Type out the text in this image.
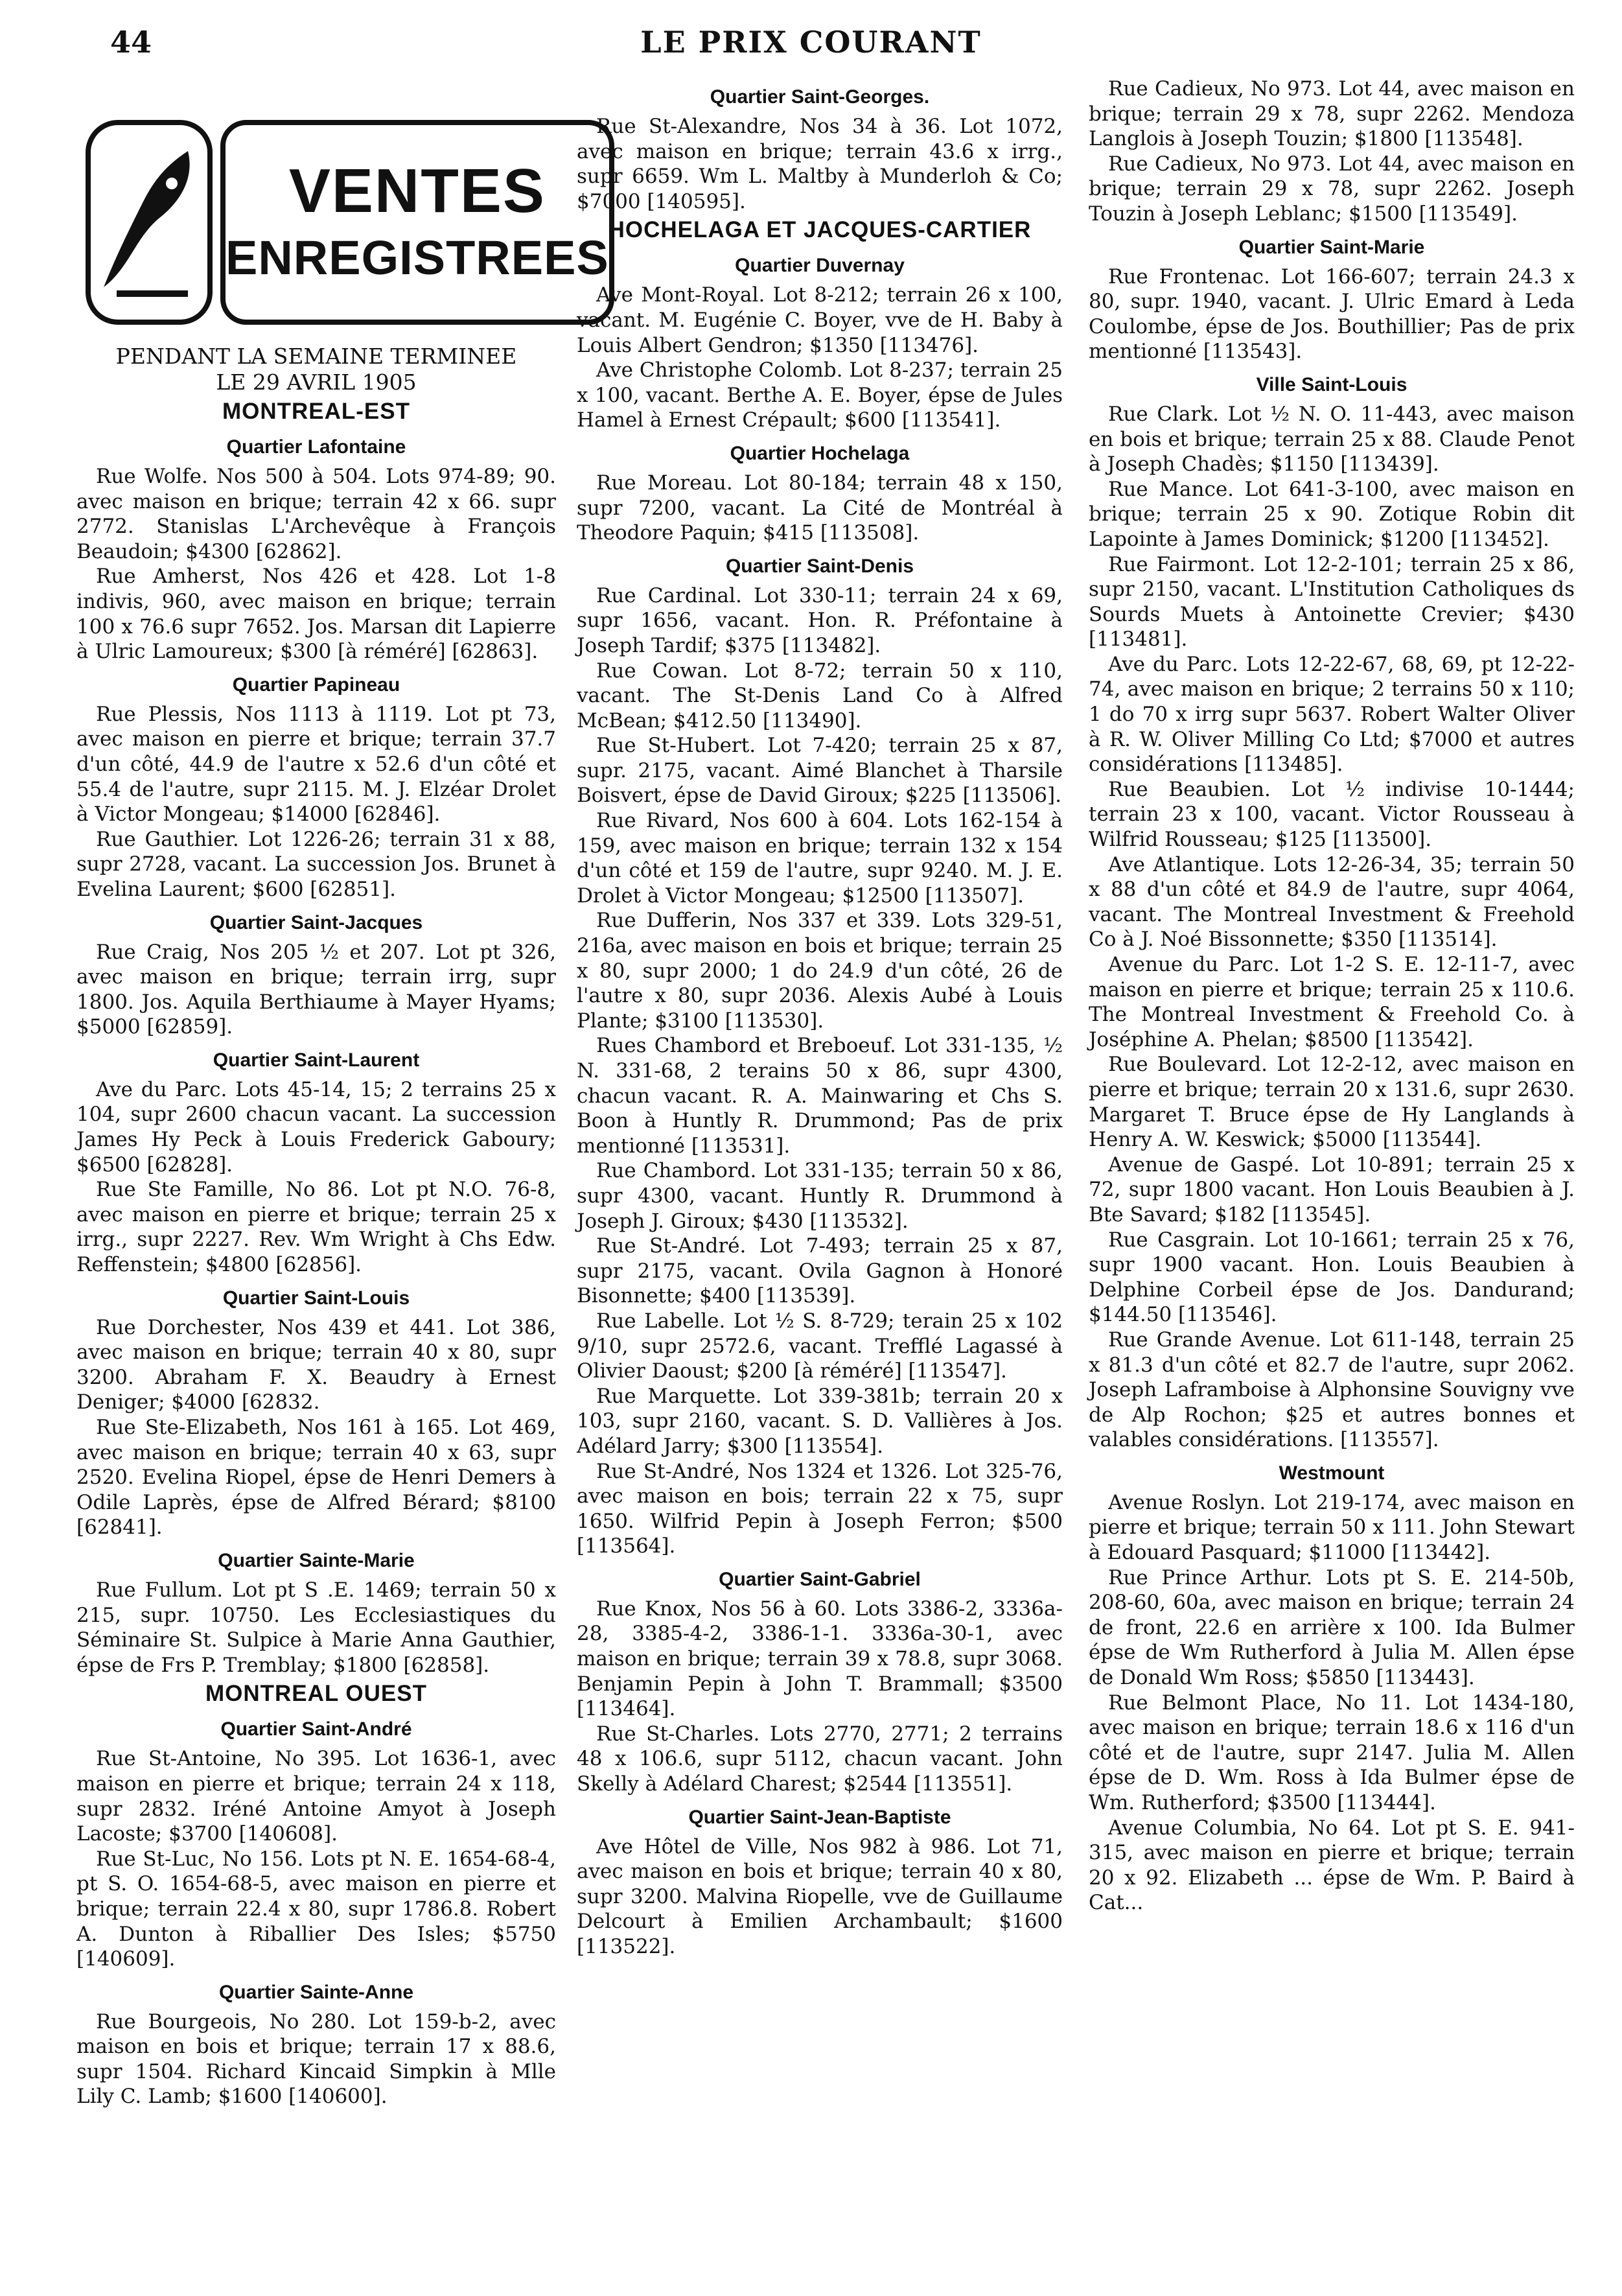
44	LE PRIX COURANT
VENTES
ENREGISTREES

PENDANT LA SEMAINE TERMINEE

LE 29 AVRIL 1905

MONTREAL-EST
Quartier Lafontaine

Rue Wolfe. Nos 500 à 504. Lots 974-89; 90. avec maison en brique; terrain 42 x 66. supr 2772. Stanislas L'Archevêque à François Beaudoin; $4300 [62862].

Rue Amherst, Nos 426 et 428. Lot 1-8 indivis, 960, avec maison en brique; terrain 100 x 76.6 supr 7652. Jos. Marsan dit Lapierre à Ulric Lamoureux; $300 [à réméré] [62863].

Quartier Papineau

Rue Plessis, Nos 1113 à 1119. Lot pt 73, avec maison en pierre et brique; terrain 37.7 d'un côté, 44.9 de l'autre x 52.6 d'un côté et 55.4 de l'autre, supr 2115. M. J. Elzéar Drolet à Victor Mongeau; $14000 [62846].

Rue Gauthier. Lot 1226-26; terrain 31 x 88, supr 2728, vacant. La succession Jos. Brunet à Evelina Laurent; $600 [62851].

Quartier Saint-Jacques

Rue Craig, Nos 205 ½ et 207. Lot pt 326, avec maison en brique; terrain irrg, supr 1800. Jos. Aquila Berthiaume à Mayer Hyams; $5000 [62859].

Quartier Saint-Laurent

Ave du Parc. Lots 45-14, 15; 2 terrains 25 x 104, supr 2600 chacun vacant. La succession James Hy Peck à Louis Frederick Gaboury; $6500 [62828].

Rue Ste Famille, No 86. Lot pt N.O. 76-8, avec maison en pierre et brique; terrain 25 x irrg., supr 2227. Rev. Wm Wright à Chs Edw. Reffenstein; $4800 [62856].

Quartier Saint-Louis

Rue Dorchester, Nos 439 et 441. Lot 386, avec maison en brique; terrain 40 x 80, supr 3200. Abraham F. X. Beaudry à Ernest Deniger; $4000 [62832.

Rue Ste-Elizabeth, Nos 161 à 165. Lot 469, avec maison en brique; terrain 40 x 63, supr 2520. Evelina Riopel, épse de Henri Demers à Odile Laprès, épse de Alfred Bérard; $8100 [62841].

Quartier Sainte-Marie

Rue Fullum. Lot pt S .E. 1469; terrain 50 x 215, supr. 10750. Les Ecclesiastiques du Séminaire St. Sulpice à Marie Anna Gauthier, épse de Frs P. Tremblay; $1800 [62858].

MONTREAL OUEST
Quartier Saint-André

Rue St-Antoine, No 395. Lot 1636-1, avec maison en pierre et brique; terrain 24 x 118, supr 2832. Iréné Antoine Amyot à Joseph Lacoste; $3700 [140608].

Rue St-Luc, No 156. Lots pt N. E. 1654-68-4, pt S. O. 1654-68-5, avec maison en pierre et brique; terrain 22.4 x 80, supr 1786.8. Robert A. Dunton à Riballier Des Isles; $5750 [140609].

Quartier Sainte-Anne

Rue Bourgeois, No 280. Lot 159-b-2, avec maison en bois et brique; terrain 17 x 88.6, supr 1504. Richard Kincaid Simpkin à Mlle Lily C. Lamb; $1600 [140600].

Quartier Saint-Georges.

Rue St-Alexandre, Nos 34 à 36. Lot 1072, avec maison en brique; terrain 43.6 x irrg., supr 6659. Wm L. Maltby à Munderloh & Co; $7000 [140595].

HOCHELAGA ET JACQUES-CARTIER
Quartier Duvernay

Ave Mont-Royal. Lot 8-212; terrain 26 x 100, vacant. M. Eugénie C. Boyer, vve de H. Baby à Louis Albert Gendron; $1350 [113476].

Ave Christophe Colomb. Lot 8-237; terrain 25 x 100, vacant. Berthe A. E. Boyer, épse de Jules Hamel à Ernest Crépault; $600 [113541].

Quartier Hochelaga

Rue Moreau. Lot 80-184; terrain 48 x 150, supr 7200, vacant. La Cité de Montréal à Theodore Paquin; $415 [113508].

Quartier Saint-Denis

Rue Cardinal. Lot 330-11; terrain 24 x 69, supr 1656, vacant. Hon. R. Préfontaine à Joseph Tardif; $375 [113482].

Rue Cowan. Lot 8-72; terrain 50 x 110, vacant. The St-Denis Land Co à Alfred McBean; $412.50 [113490].

Rue St-Hubert. Lot 7-420; terrain 25 x 87, supr. 2175, vacant. Aimé Blanchet à Tharsile Boisvert, épse de David Giroux; $225 [113506].

Rue Rivard, Nos 600 à 604. Lots 162-154 à 159, avec maison en brique; terrain 132 x 154 d'un côté et 159 de l'autre, supr 9240. M. J. E. Drolet à Victor Mongeau; $12500 [113507].

Rue Dufferin, Nos 337 et 339. Lots 329-51, 216a, avec maison en bois et brique; terrain 25 x 80, supr 2000; 1 do 24.9 d'un côté, 26 de l'autre x 80, supr 2036. Alexis Aubé à Louis Plante; $3100 [113530].

Rues Chambord et Breboeuf. Lot 331-135, ½ N. 331-68, 2 terains 50 x 86, supr 4300, chacun vacant. R. A. Mainwaring et Chs S. Boon à Huntly R. Drummond; Pas de prix mentionné [113531].

Rue Chambord. Lot 331-135; terrain 50 x 86, supr 4300, vacant. Huntly R. Drummond à Joseph J. Giroux; $430 [113532].

Rue St-André. Lot 7-493; terrain 25 x 87, supr 2175, vacant. Ovila Gagnon à Honoré Bisonnette; $400 [113539].

Rue Labelle. Lot ½ S. 8-729; terain 25 x 102 9/10, supr 2572.6, vacant. Trefflé Lagassé à Olivier Daoust; $200 [à réméré] [113547].

Rue Marquette. Lot 339-381b; terrain 20 x 103, supr 2160, vacant. S. D. Vallières à Jos. Adélard Jarry; $300 [113554].

Rue St-André, Nos 1324 et 1326. Lot 325-76, avec maison en bois; terrain 22 x 75, supr 1650. Wilfrid Pepin à Joseph Ferron; $500 [113564].

Quartier Saint-Gabriel

Rue Knox, Nos 56 à 60. Lots 3386-2, 3336a-28, 3385-4-2, 3386-1-1. 3336a-30-1, avec maison en brique; terrain 39 x 78.8, supr 3068. Benjamin Pepin à John T. Brammall; $3500 [113464].

Rue St-Charles. Lots 2770, 2771; 2 terrains 48 x 106.6, supr 5112, chacun vacant. John Skelly à Adélard Charest; $2544 [113551].

Quartier Saint-Jean-Baptiste

Ave Hôtel de Ville, Nos 982 à 986. Lot 71, avec maison en bois et brique; terrain 40 x 80, supr 3200. Malvina Riopelle, vve de Guillaume Delcourt à Emilien Archambault; $1600 [113522].

Rue Cadieux, No 973. Lot 44, avec maison en brique; terrain 29 x 78, supr 2262. Mendoza Langlois à Joseph Touzin; $1800 [113548].

Rue Cadieux, No 973. Lot 44, avec maison en brique; terrain 29 x 78, supr 2262. Joseph Touzin à Joseph Leblanc; $1500 [113549].

Quartier Saint-Marie

Rue Frontenac. Lot 166-607; terrain 24.3 x 80, supr. 1940, vacant. J. Ulric Emard à Leda Coulombe, épse de Jos. Bouthillier; Pas de prix mentionné [113543].

Ville Saint-Louis

Rue Clark. Lot ½ N. O. 11-443, avec maison en bois et brique; terrain 25 x 88. Claude Penot à Joseph Chadès; $1150 [113439].

Rue Mance. Lot 641-3-100, avec maison en brique; terrain 25 x 90. Zotique Robin dit Lapointe à James Dominick; $1200 [113452].

Rue Fairmont. Lot 12-2-101; terrain 25 x 86, supr 2150, vacant. L'Institution Catholiques ds Sourds Muets à Antoinette Crevier; $430 [113481].

Ave du Parc. Lots 12-22-67, 68, 69, pt 12-22-74, avec maison en brique; 2 terrains 50 x 110; 1 do 70 x irrg supr 5637. Robert Walter Oliver à R. W. Oliver Milling Co Ltd; $7000 et autres considérations [113485].

Rue Beaubien. Lot ½ indivise 10-1444; terrain 23 x 100, vacant. Victor Rousseau à Wilfrid Rousseau; $125 [113500].

Ave Atlantique. Lots 12-26-34, 35; terrain 50 x 88 d'un côté et 84.9 de l'autre, supr 4064, vacant. The Montreal Investment & Freehold Co à J. Noé Bissonnette; $350 [113514].

Avenue du Parc. Lot 1-2 S. E. 12-11-7, avec maison en pierre et brique; terrain 25 x 110.6. The Montreal Investment & Freehold Co. à Joséphine A. Phelan; $8500 [113542].

Rue Boulevard. Lot 12-2-12, avec maison en pierre et brique; terrain 20 x 131.6, supr 2630. Margaret T. Bruce épse de Hy Langlands à Henry A. W. Keswick; $5000 [113544].

Avenue de Gaspé. Lot 10-891; terrain 25 x 72, supr 1800 vacant. Hon Louis Beaubien à J. Bte Savard; $182 [113545].

Rue Casgrain. Lot 10-1661; terrain 25 x 76, supr 1900 vacant. Hon. Louis Beaubien à Delphine Corbeil épse de Jos. Dandurand; $144.50 [113546].

Rue Grande Avenue. Lot 611-148, terrain 25 x 81.3 d'un côté et 82.7 de l'autre, supr 2062. Joseph Laframboise à Alphonsine Souvigny vve de Alp Rochon; $25 et autres bonnes et valables considérations. [113557].

Westmount

Avenue Roslyn. Lot 219-174, avec maison en pierre et brique; terrain 50 x 111. John Stewart à Edouard Pasquard; $11000 [113442].

Rue Prince Arthur. Lots pt S. E. 214-50b, 208-60, 60a, avec maison en brique; terrain 24 de front, 22.6 en arrière x 100. Ida Bulmer épse de Wm Rutherford à Julia M. Allen épse de Donald Wm Ross; $5850 [113443].

Rue Belmont Place, No 11. Lot 1434-180, avec maison en brique; terrain 18.6 x 116 d'un côté et de l'autre, supr 2147. Julia M. Allen épse de D. Wm. Ross à Ida Bulmer épse de Wm. Rutherford; $3500 [113444].

Avenue Columbia, No 64. Lot pt S. E. 941-315, avec maison en pierre et brique; terrain 20 x 92. Elizabeth ... épse de Wm. P. Baird à Cat...
